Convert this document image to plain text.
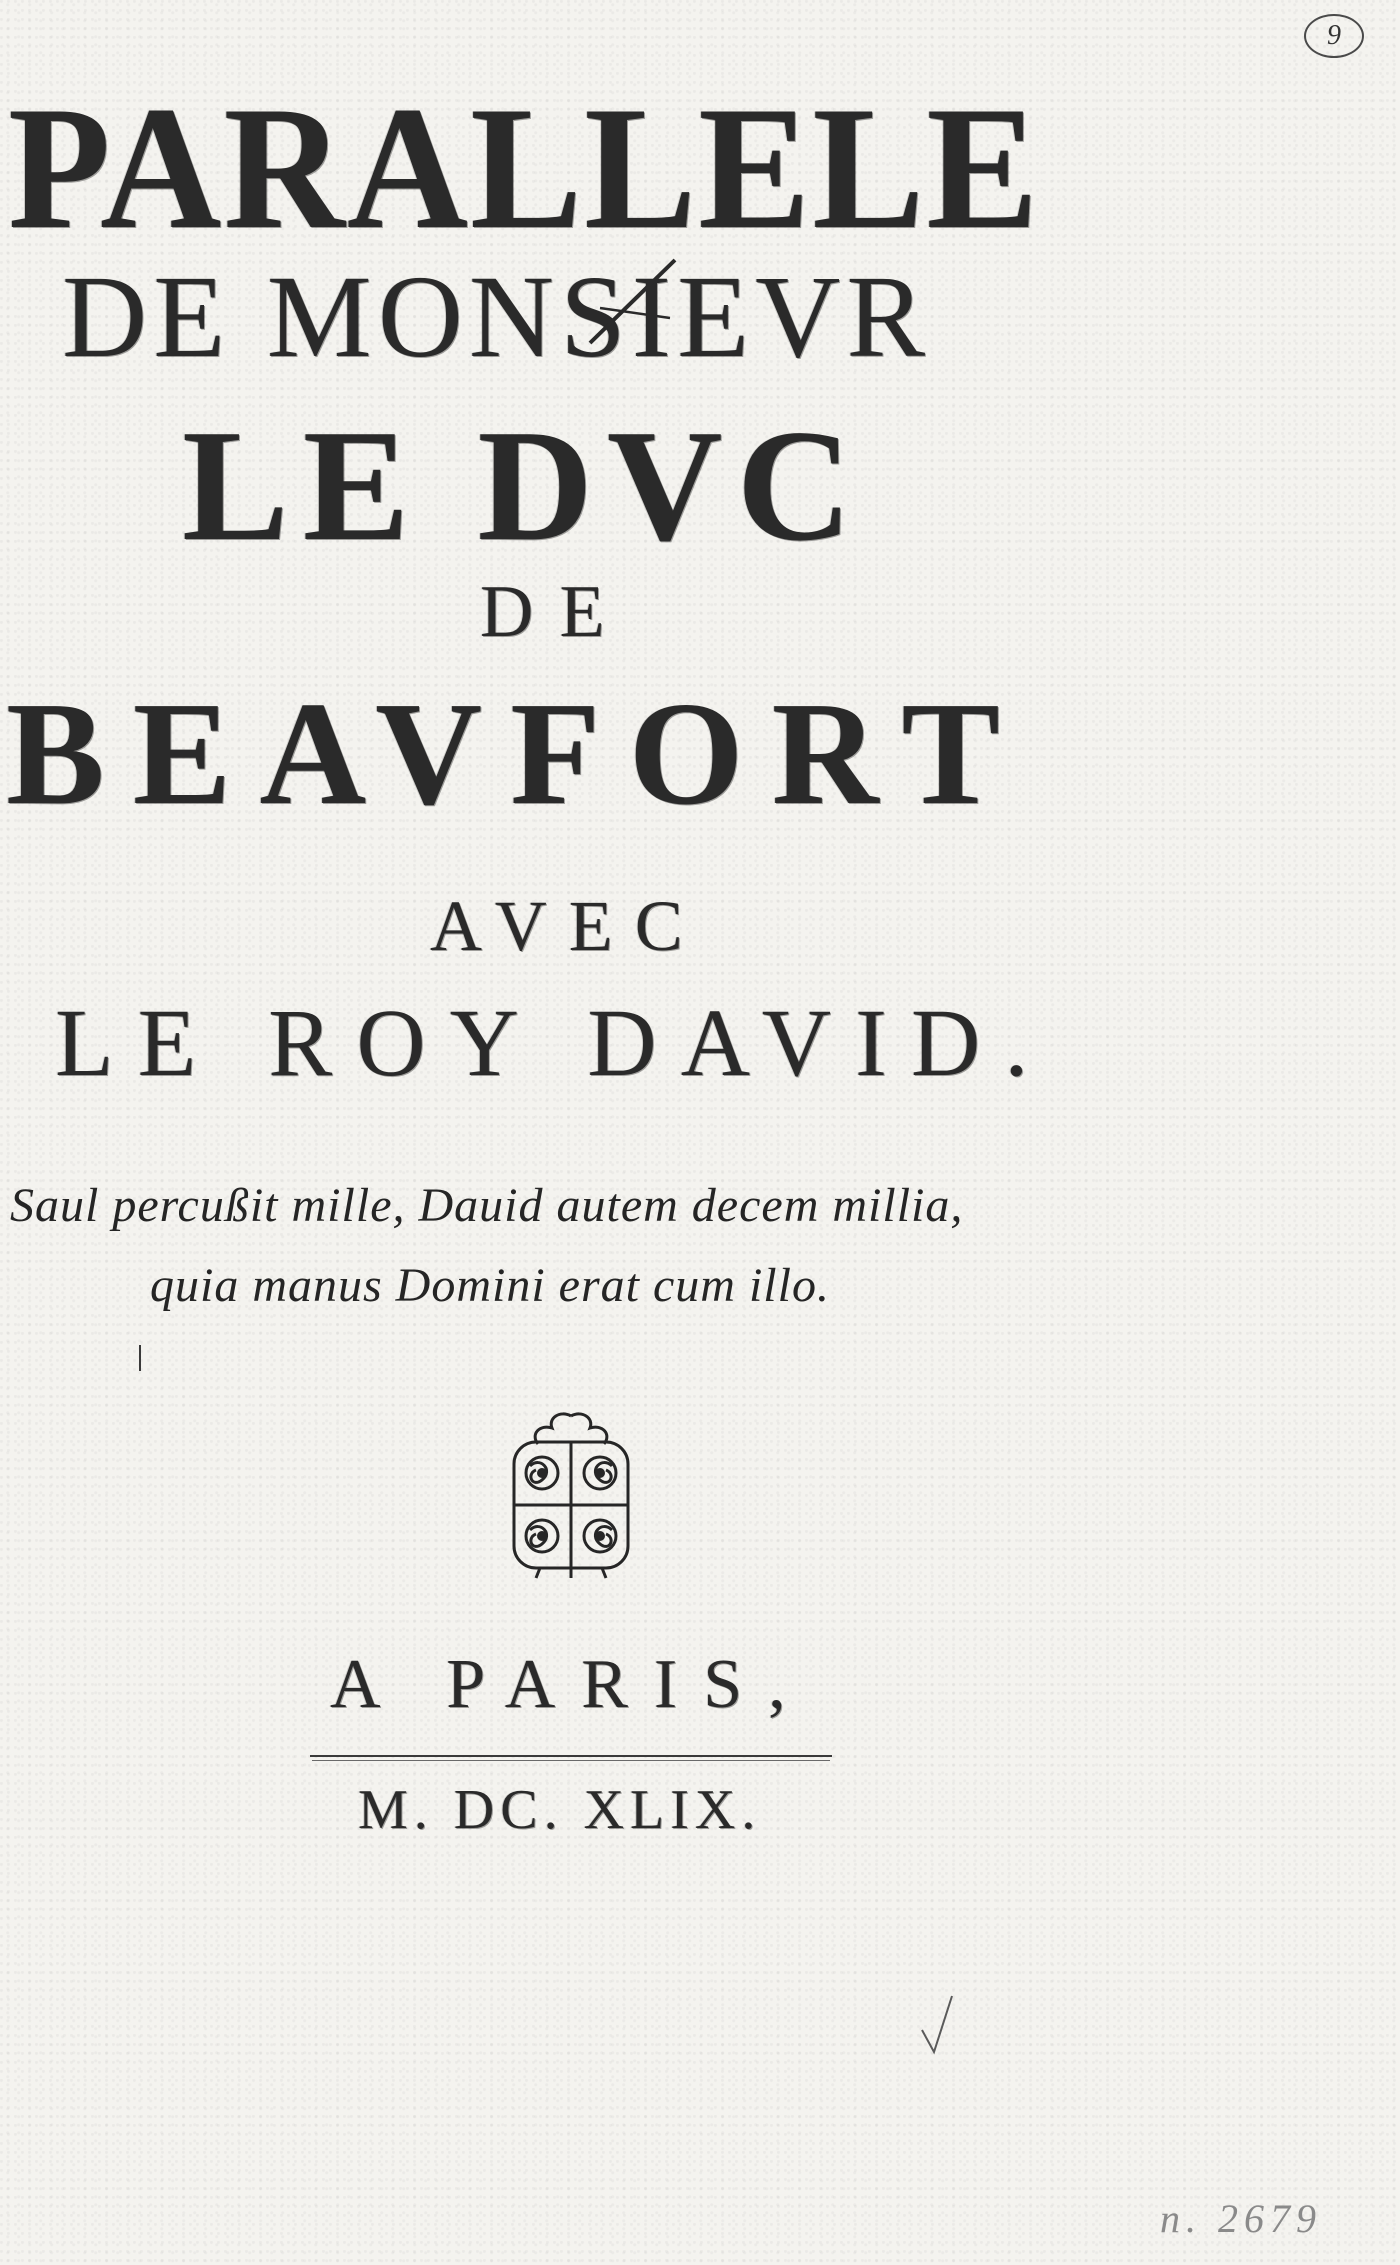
9
PARALLELE
DE MONSIEVR
LE DVC
DE
BEAVFORT
AVEC
LE ROY DAVID.
Saul percußit mille, Dauid autem decem millia,
quia manus Domini erat cum illo.
A PARIS,
M. DC. XLIX.
n. 2679
